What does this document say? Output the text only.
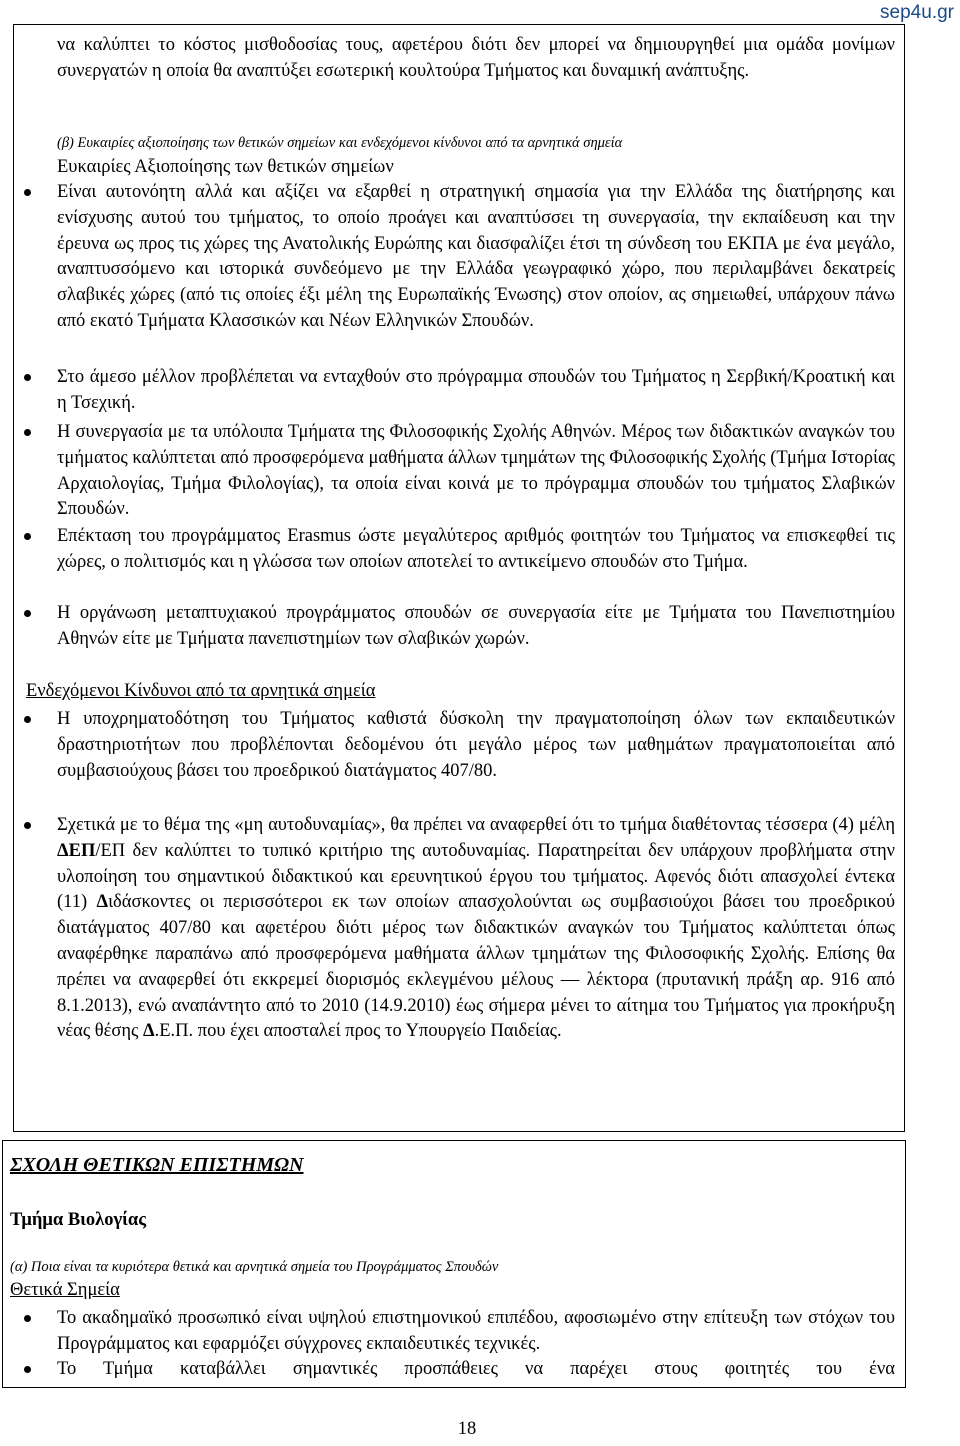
sep4u.gr

να καλύπτει το κόστος μισθοδοσίας τους, αφετέρου διότι δεν μπορεί να δημιουργηθεί μια ομάδα μονίμων συνεργατών η οποία θα αναπτύξει εσωτερική κουλτούρα Τμήματος και δυναμική ανάπτυξης.

(β) Ευκαιρίες αξιοποίησης των θετικών σημείων και ενδεχόμενοι κίνδυνοι από τα αρνητικά σημεία

Ευκαιρίες Αξιοποίησης των θετικών σημείων

Είναι αυτονόητη αλλά και αξίζει να εξαρθεί η στρατηγική σημασία για την Ελλάδα της διατήρησης και ενίσχυσης αυτού του τμήματος, το οποίο προάγει και αναπτύσσει τη συνεργασία, την εκπαίδευση και την έρευνα ως προς τις χώρες της Ανατολικής Ευρώπης και διασφαλίζει έτσι τη σύνδεση του ΕΚΠΑ με ένα μεγάλο, αναπτυσσόμενο και ιστορικά συνδεόμενο με την Ελλάδα γεωγραφικό χώρο, που περιλαμβάνει δεκατρείς σλαβικές χώρες (από τις οποίες έξι μέλη της Ευρωπαϊκής Ένωσης) στον οποίον, ας σημειωθεί, υπάρχουν πάνω από εκατό Τμήματα Κλασσικών και Νέων Ελληνικών Σπουδών.

Στο άμεσο μέλλον προβλέπεται να ενταχθούν στο πρόγραμμα σπουδών του Τμήματος η Σερβική/Κροατική και η Τσεχική.

Η συνεργασία με τα υπόλοιπα Τμήματα της Φιλοσοφικής Σχολής Αθηνών. Μέρος των διδακτικών αναγκών του τμήματος καλύπτεται από προσφερόμενα μαθήματα άλλων τμημάτων της Φιλοσοφικής Σχολής (Τμήμα Ιστορίας Αρχαιολογίας, Τμήμα Φιλολογίας), τα οποία είναι κοινά με το πρόγραμμα σπουδών του τμήματος Σλαβικών Σπουδών.

Επέκταση του προγράμματος Erasmus ώστε μεγαλύτερος αριθμός φοιτητών του Τμήματος να επισκεφθεί τις χώρες, ο πολιτισμός και η γλώσσα των οποίων αποτελεί το αντικείμενο σπουδών στο Τμήμα.

Η οργάνωση μεταπτυχιακού προγράμματος σπουδών σε συνεργασία είτε με Τμήματα του Πανεπιστημίου Αθηνών είτε με Τμήματα πανεπιστημίων των σλαβικών χωρών.

Ενδεχόμενοι Κίνδυνοι από τα αρνητικά σημεία

Η υποχρηματοδότηση του Τμήματος καθιστά δύσκολη την πραγματοποίηση όλων των εκπαιδευτικών δραστηριοτήτων που προβλέπονται δεδομένου ότι μεγάλο μέρος των μαθημάτων πραγματοποιείται από συμβασιούχους βάσει του προεδρικού διατάγματος 407/80.

Σχετικά με το θέμα της «μη αυτοδυναμίας», θα πρέπει να αναφερθεί ότι το τμήμα διαθέτοντας τέσσερα (4) μέλη ΔΕΠ/ΕΠ δεν καλύπτει το τυπικό κριτήριο της αυτοδυναμίας. Παρατηρείται δεν υπάρχουν προβλήματα στην υλοποίηση του σημαντικού διδακτικού και ερευνητικού έργου του τμήματος. Αφενός διότι απασχολεί έντεκα (11) Διδάσκοντες οι περισσότεροι εκ των οποίων απασχολούνται ως συμβασιούχοι βάσει του προεδρικού διατάγματος 407/80 και αφετέρου διότι μέρος των διδακτικών αναγκών του Τμήματος καλύπτεται όπως αναφέρθηκε παραπάνω από προσφερόμενα μαθήματα άλλων τμημάτων της Φιλοσοφικής Σχολής. Επίσης θα πρέπει να αναφερθεί ότι εκκρεμεί διορισμός εκλεγμένου μέλους — λέκτορα (πρυτανική πράξη αρ. 916 από 8.1.2013), ενώ αναπάντητο από το 2010 (14.9.2010) έως σήμερα μένει το αίτημα του Τμήματος για προκήρυξη νέας θέσης Δ.Ε.Π. που έχει αποσταλεί προς το Υπουργείο Παιδείας.

ΣΧΟΛΗ ΘΕΤΙΚΩΝ ΕΠΙΣΤΗΜΩΝ

Τμήμα Βιολογίας

(α) Ποια είναι τα κυριότερα θετικά και αρνητικά σημεία του Προγράμματος Σπουδών

Θετικά Σημεία

Το ακαδημαϊκό προσωπικό είναι υψηλού επιστημονικού επιπέδου, αφοσιωμένο στην επίτευξη των στόχων του Προγράμματος και εφαρμόζει σύγχρονες εκπαιδευτικές τεχνικές.

Το Τμήμα καταβάλλει σημαντικές προσπάθειες να παρέχει στους φοιτητές του ένα

18
